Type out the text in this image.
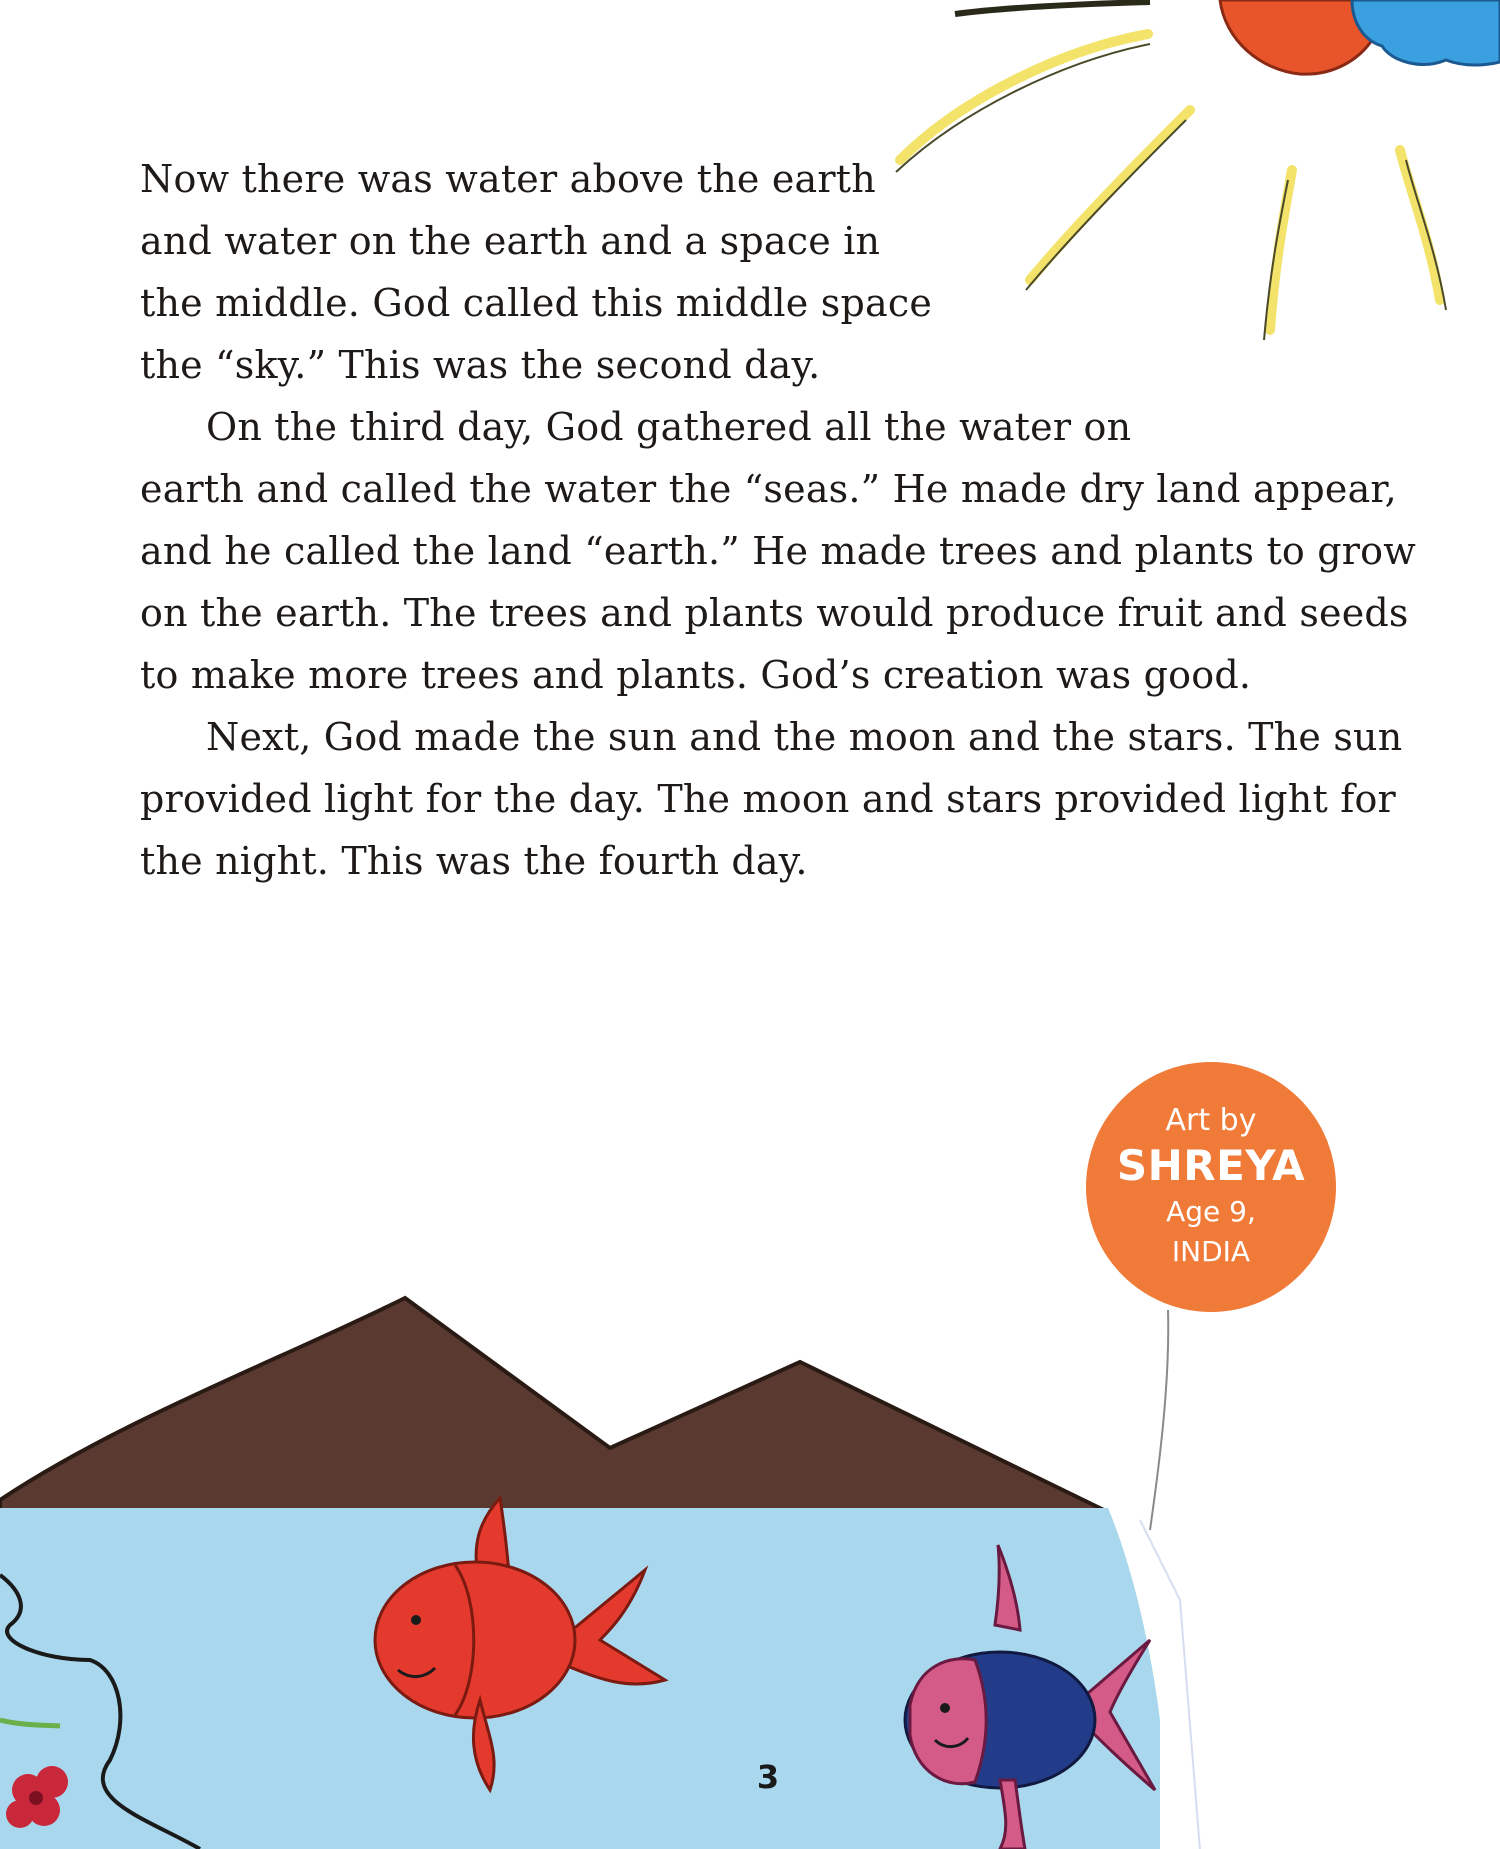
Now there was water above the earth
and water on the earth and a space in
the middle. God called this middle space
the “sky.” This was the second day.

On the third day, God gathered all the water on
earth and called the water the “seas.” He made dry land appear,
and he called the land “earth.” He made trees and plants to grow
on the earth. The trees and plants would produce fruit and seeds
to make more trees and plants. God’s creation was good.

Next, God made the sun and the moon and the stars. The sun
provided light for the day. The moon and stars provided light for
the night. This was the fourth day.

Art by
SHREYA
Age 9,
INDIA
3
